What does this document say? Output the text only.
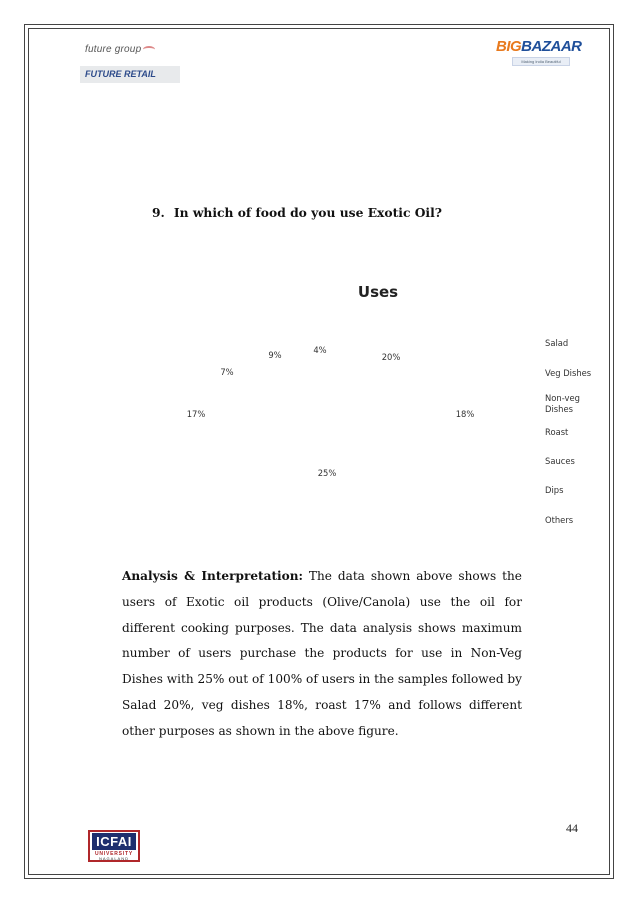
future group
FUTURE RETAIL
BIGBAZAAR
Making India Beautiful
9. In which of food do you use Exotic Oil?
Uses
20%
18%
25%
17%
7%
9%	4%
Salad
Veg Dishes
Non-veg Dishes
Roast
Sauces
Dips
Others
Analysis & Interpretation: The data shown above shows the users of Exotic oil products (Olive/Canola) use the oil for different cooking purposes. The data analysis shows maximum number of users purchase the products for use in Non-Veg Dishes with 25% out of 100% of users in the samples followed by Salad 20%, veg dishes 18%, roast 17% and follows different other purposes as shown in the above figure.
44
ICFAI
UNIVERSITY
NAGALAND
